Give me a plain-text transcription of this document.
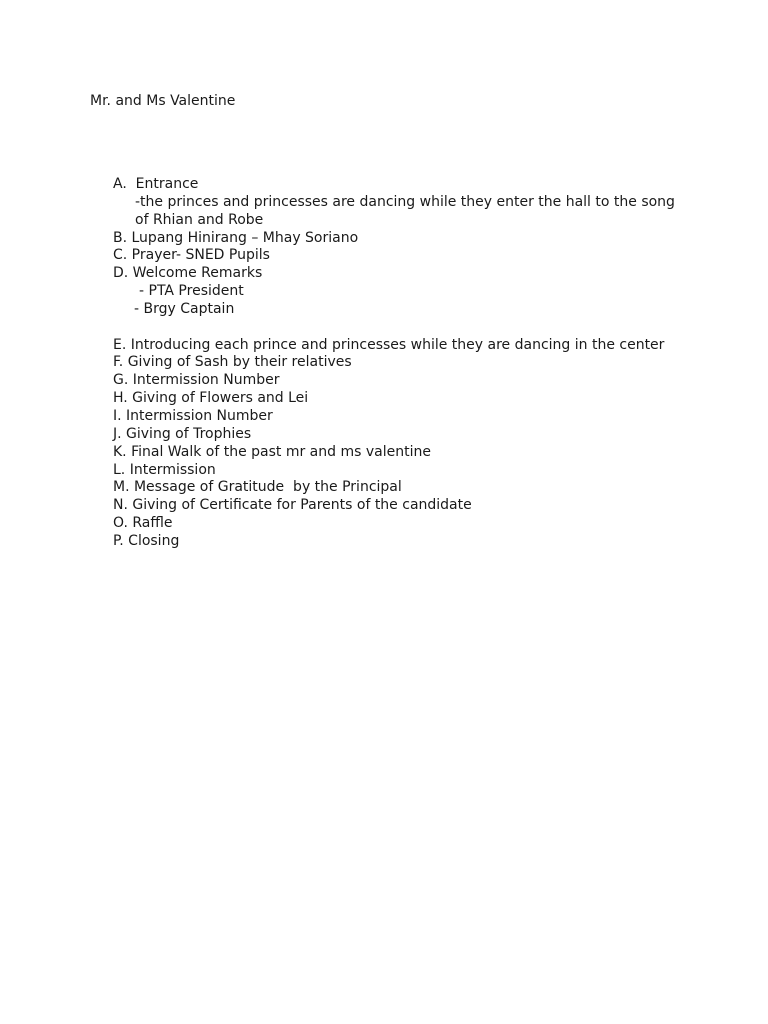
Mr. and Ms Valentine
A.  Entrance
-the princes and princesses are dancing while they enter the hall to the song
of Rhian and Robe
B. Lupang Hinirang – Mhay Soriano
C. Prayer- SNED Pupils
D. Welcome Remarks
- PTA President
- Brgy Captain
E. Introducing each prince and princesses while they are dancing in the center
F. Giving of Sash by their relatives
G. Intermission Number
H. Giving of Flowers and Lei
I. Intermission Number
J. Giving of Trophies
K. Final Walk of the past mr and ms valentine
L. Intermission
M. Message of Gratitude  by the Principal
N. Giving of Certificate for Parents of the candidate
O. Raffle
P. Closing
